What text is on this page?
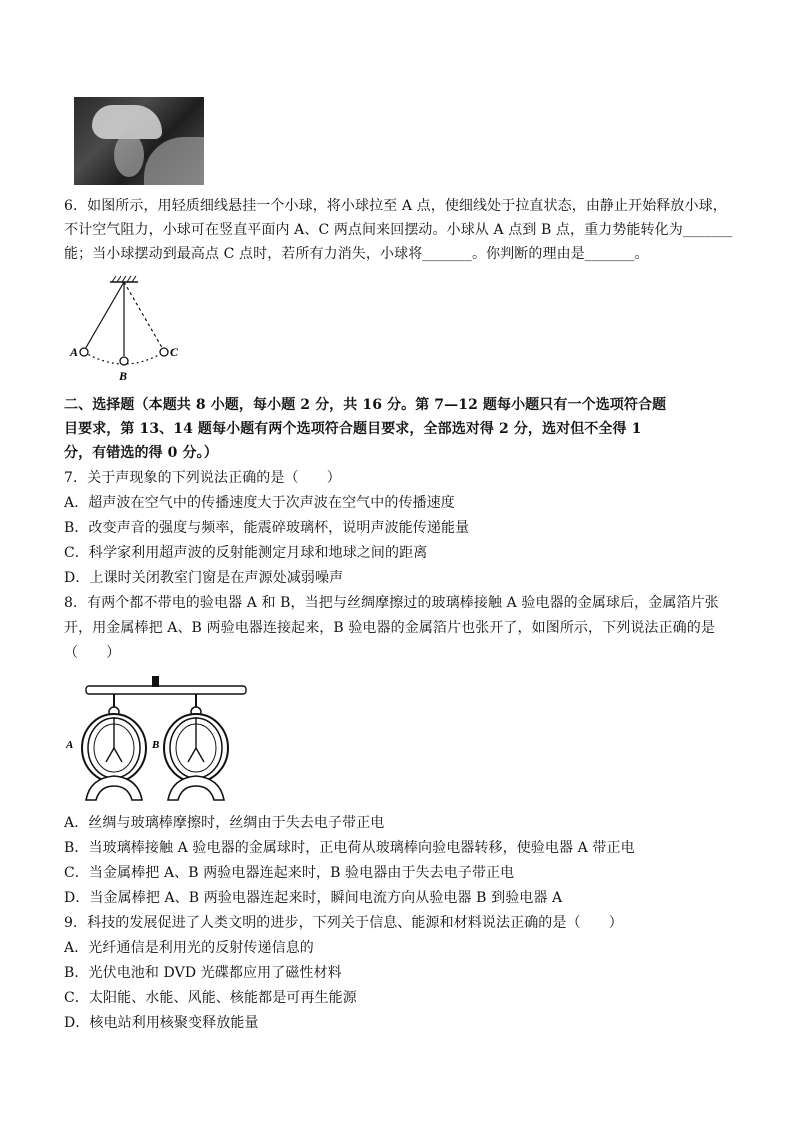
6．如图所示，用轻质细线悬挂一个小球，将小球拉至 A 点，使细线处于拉直状态，由静止开始释放小球，
不计空气阻力，小球可在竖直平面内 A、C 两点间来回摆动。小球从 A 点到 B 点，重力势能转化为_______
能；当小球摆动到最高点 C 点时，若所有力消失，小球将_______。你判断的理由是_______。
A
B
C
二、选择题（本题共 8 小题，每小题 2 分，共 16 分。第 7—12 题每小题只有一个选项符合题
目要求，第 13、14 题每小题有两个选项符合题目要求，全部选对得 2 分，选对但不全得 1
分，有错选的得 0 分。）
7．关于声现象的下列说法正确的是（　　）
A．超声波在空气中的传播速度大于次声波在空气中的传播速度
B．改变声音的强度与频率，能震碎玻璃杯，说明声波能传递能量
C．科学家利用超声波的反射能测定月球和地球之间的距离
D．上课时关闭教室门窗是在声源处减弱噪声
8．有两个都不带电的验电器 A 和 B，当把与丝绸摩擦过的玻璃棒接触 A 验电器的金属球后，金属箔片张
开，用金属棒把 A、B 两验电器连接起来，B 验电器的金属箔片也张开了，如图所示，下列说法正确的是
（　　）
A	B
A．丝绸与玻璃棒摩擦时，丝绸由于失去电子带正电
B．当玻璃棒接触 A 验电器的金属球时，正电荷从玻璃棒向验电器转移，使验电器 A 带正电
C．当金属棒把 A、B 两验电器连起来时，B 验电器由于失去电子带正电
D．当金属棒把 A、B 两验电器连起来时，瞬间电流方向从验电器 B 到验电器 A
9．科技的发展促进了人类文明的进步，下列关于信息、能源和材料说法正确的是（　　）
A．光纤通信是利用光的反射传递信息的
B．光伏电池和 DVD 光碟都应用了磁性材料
C．太阳能、水能、风能、核能都是可再生能源
D．核电站利用核聚变释放能量
